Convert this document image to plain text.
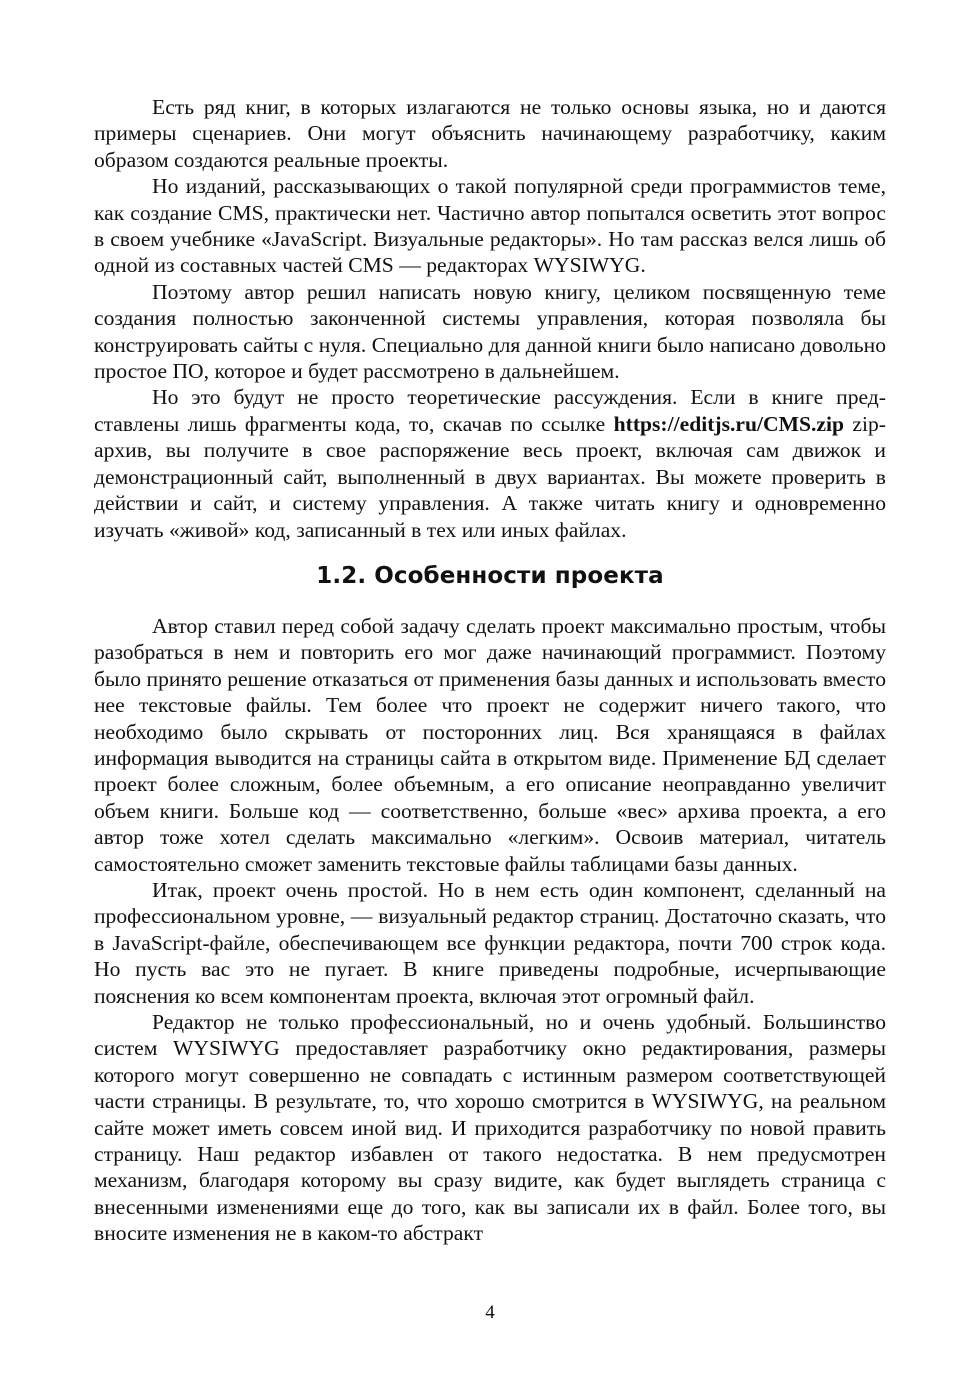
Есть ряд книг, в которых излагаются не только основы языка, но и даются примеры сценариев. Они могут объяснить начинающему разработчику, каким образом создаются реальные проекты.

Но изданий, рассказывающих о такой популярной среди программистов теме, как создание CMS, практически нет. Частично автор попытался осветить этот вопрос в своем учебнике «JavaScript. Визуальные редакторы». Но там рассказ велся лишь об одной из составных частей CMS — редакторах WYSIWYG.

Поэтому автор решил написать новую книгу, целиком посвященную теме создания полностью законченной системы управления, которая позволяла бы конструировать сайты с нуля. Специально для данной книги было написано довольно простое ПО, которое и будет рассмотрено в дальнейшем.

Но это будут не просто теоретические рассуждения. Если в книге представлены лишь фрагменты кода, то, скачав по ссылке https://editjs.ru/CMS.zip zip-архив, вы получите в свое распоряжение весь проект, включая сам движок и демонстрационный сайт, выполненный в двух вариантах. Вы можете проверить в действии и сайт, и систему управления. А также читать книгу и одновременно изучать «живой» код, записанный в тех или иных файлах.

1.2. Особенности проекта

Автор ставил перед собой задачу сделать проект максимально простым, чтобы разобраться в нем и повторить его мог даже начинающий программист. Поэтому было принято решение отказаться от применения базы данных и использовать вместо нее текстовые файлы. Тем более что проект не содержит ничего такого, что необходимо было скрывать от посторонних лиц. Вся хранящаяся в файлах информация выводится на страницы сайта в открытом виде. Применение БД сделает проект более сложным, более объемным, а его описание неоправданно увеличит объем книги. Больше код — соответственно, больше «вес» архива проекта, а его автор тоже хотел сделать максимально «легким». Освоив материал, читатель самостоятельно сможет заменить текстовые файлы таблицами базы данных.

Итак, проект очень простой. Но в нем есть один компонент, сделанный на профессиональном уровне, — визуальный редактор страниц. Достаточно сказать, что в JavaScript-файле, обеспечивающем все функции редактора, почти 700 строк кода. Но пусть вас это не пугает. В книге приведены подробные, исчерпывающие пояснения ко всем компонентам проекта, включая этот огромный файл.

Редактор не только профессиональный, но и очень удобный. Большинство систем WYSIWYG предоставляет разработчику окно редактирования, размеры которого могут совершенно не совпадать с истинным размером соответствующей части страницы. В результате, то, что хорошо смотрится в WYSIWYG, на реальном сайте может иметь совсем иной вид. И приходится разработчику по новой править страницу. Наш редактор избавлен от такого недостатка. В нем предусмотрен механизм, благодаря которому вы сразу видите, как будет выглядеть страница с внесенными изменениями еще до того, как вы записали их в файл. Более того, вы вносите изменения не в каком-то абстракт

4
